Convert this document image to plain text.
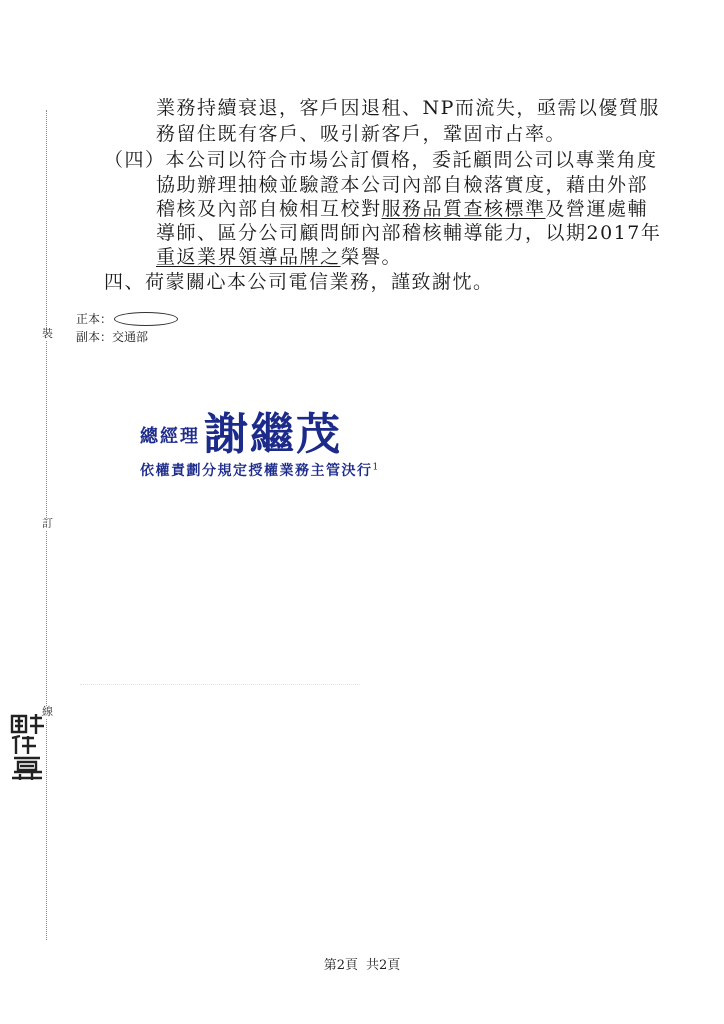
裝
訂
線
業務持續衰退，客戶因退租、NP而流失，亟需以優質服
務留住既有客戶、吸引新客戶，鞏固市占率。
（四）本公司以符合市場公訂價格，委託顧問公司以專業角度
協助辦理抽檢並驗證本公司內部自檢落實度，藉由外部
稽核及內部自檢相互校對服務品質查核標準及營運處輔
導師、區分公司顧問師內部稽核輔導能力，以期2017年
重返業界領導品牌之榮譽。
四、荷蒙關心本公司電信業務，謹致謝忱。
正本：
副本： 交通部
總經理 謝繼茂
依權責劃分規定授權業務主管決行$^1$
第2頁 共2頁
